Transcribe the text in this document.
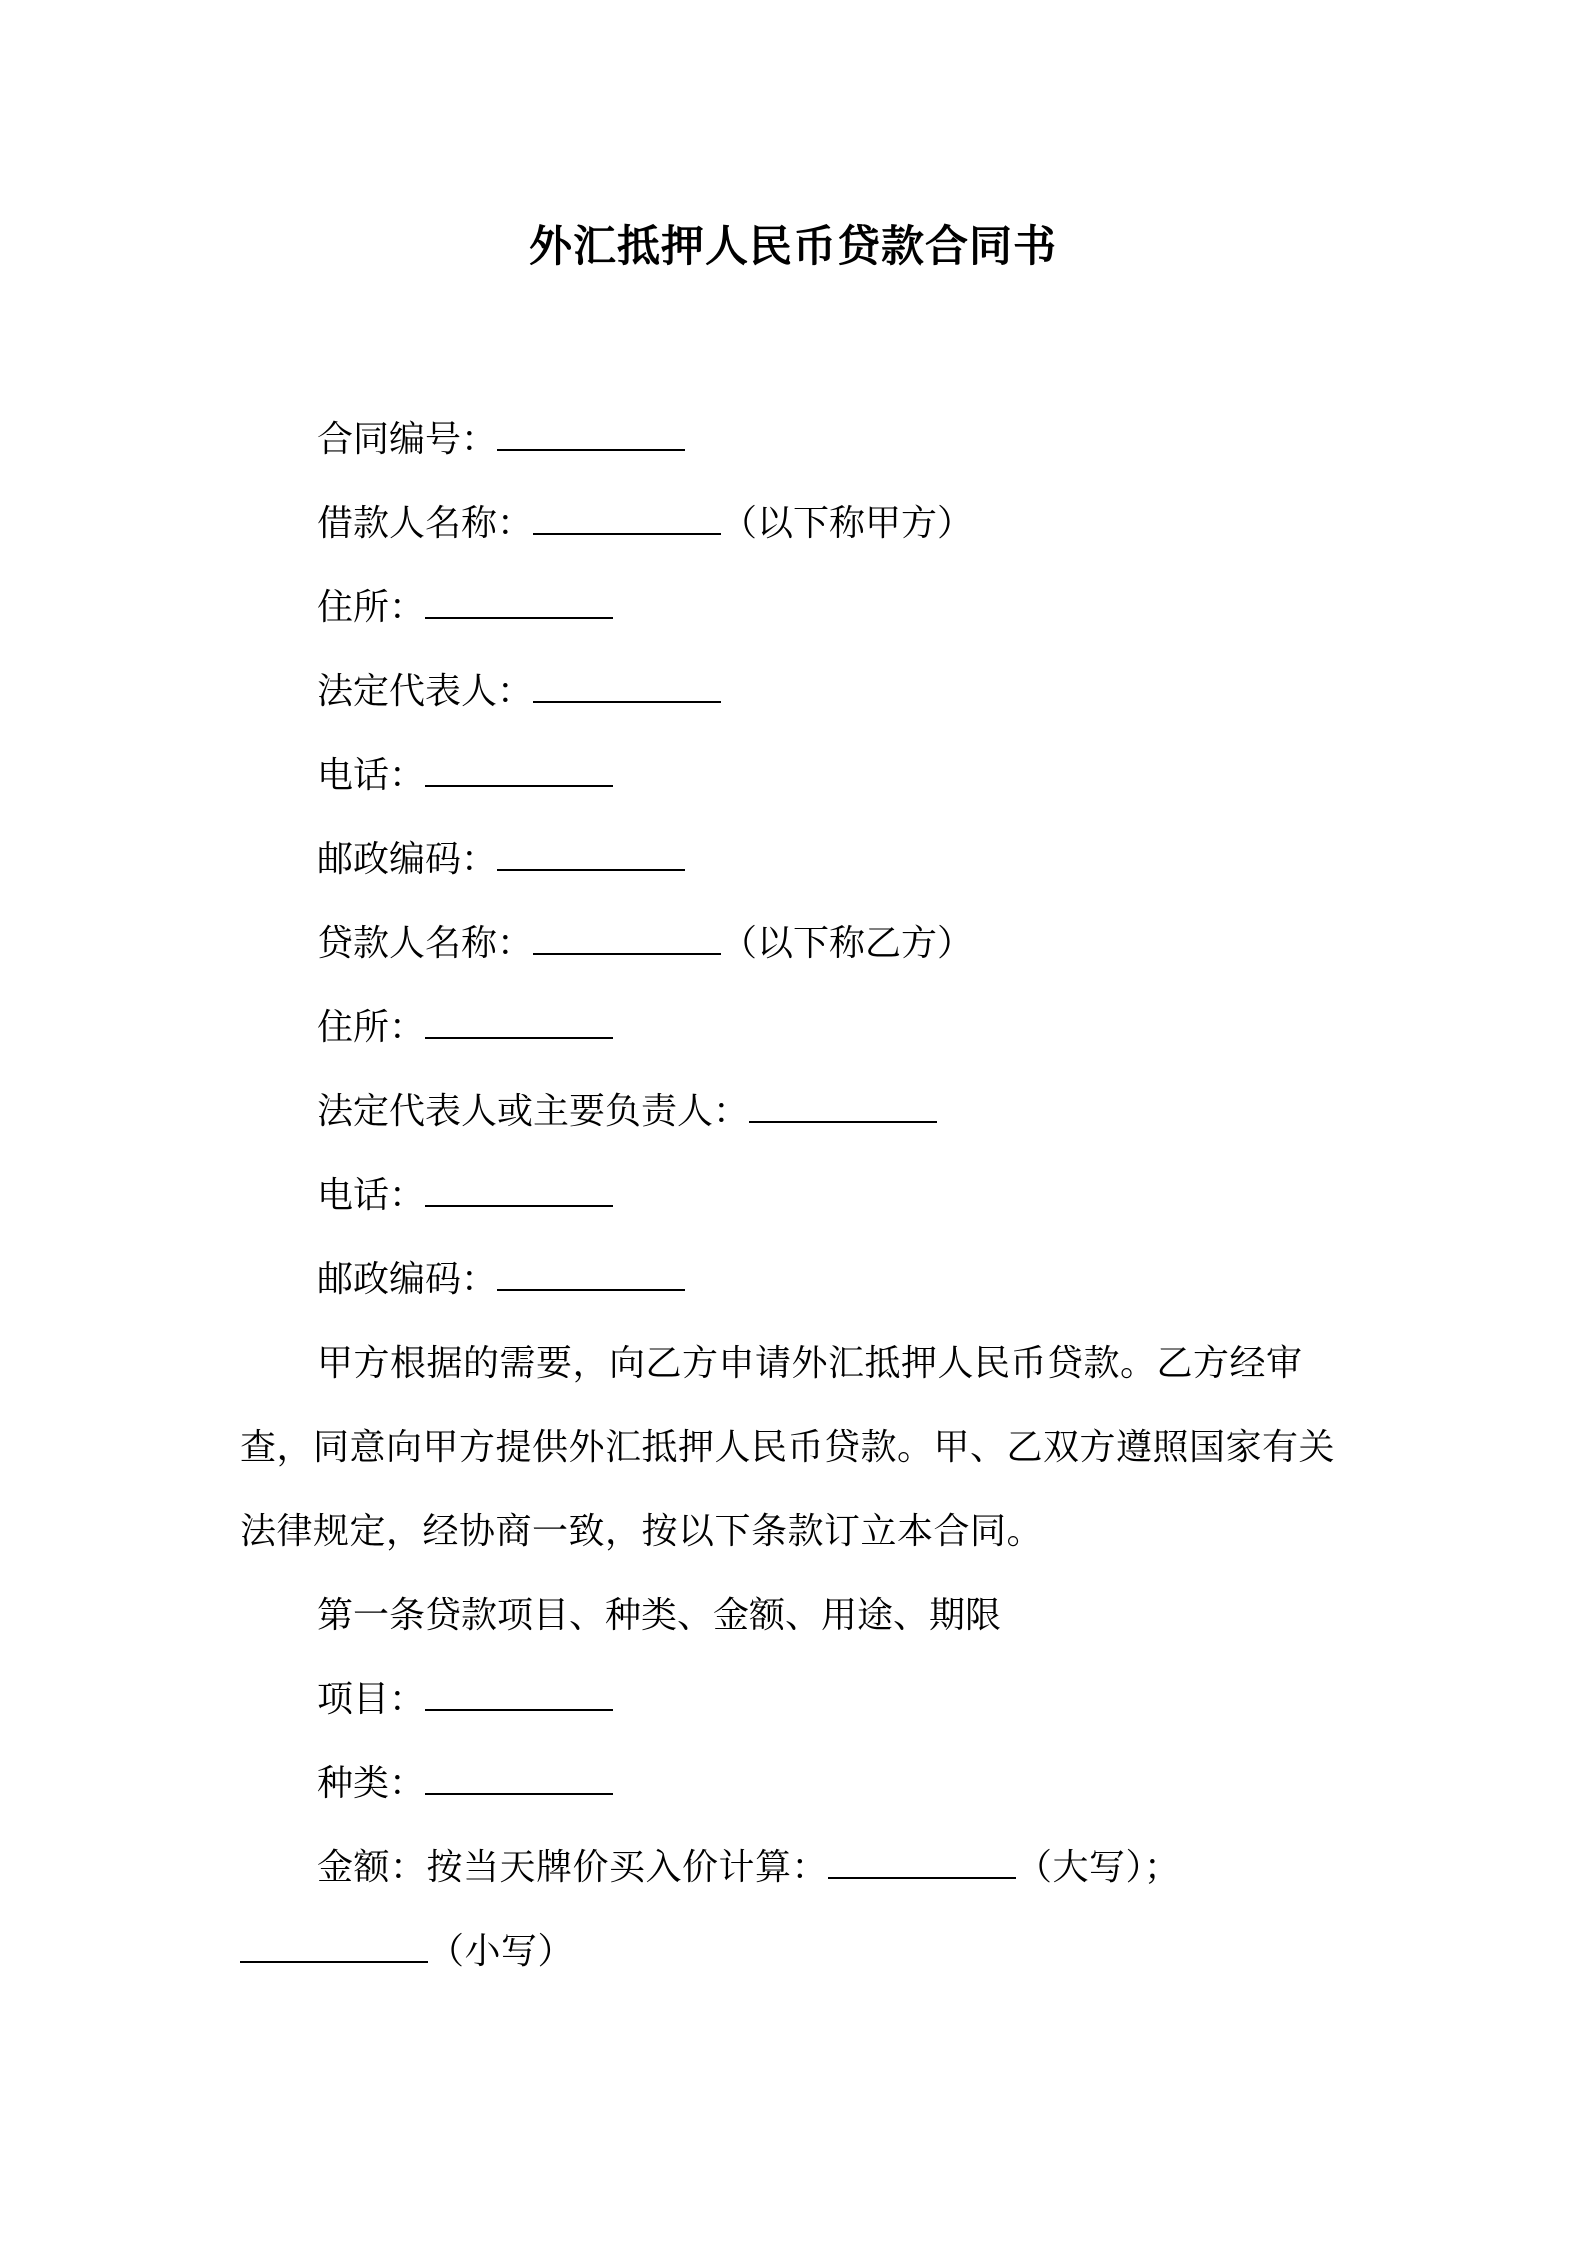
外汇抵押人民币贷款合同书
合同编号：
借款人名称：	（以下称甲方）
住所：
法定代表人：
电话：
邮政编码：
贷款人名称：	（以下称乙方）
住所：
法定代表人或主要负责人：
电话：
邮政编码：
甲方根据的需要，向乙方申请外汇抵押人民币贷款。乙方经审查，同意向甲方提供外汇抵押人民币贷款。甲、乙双方遵照国家有关法律规定，经协商一致，按以下条款订立本合同。
第一条贷款项目、种类、金额、用途、期限
项目：
种类：
金额：按当天牌价买入价计算：	（大写）；（小写）
